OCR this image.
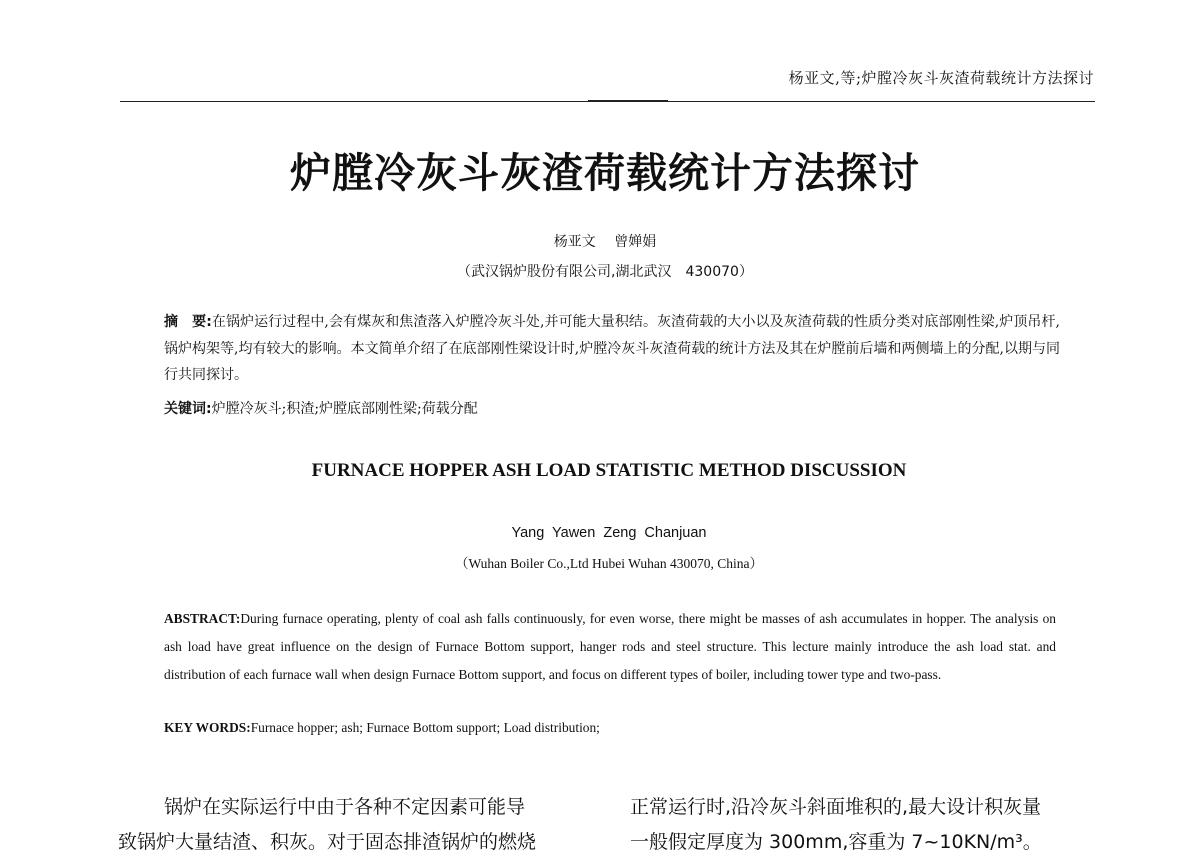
杨亚文,等;炉膛冷灰斗灰渣荷载统计方法探讨
炉膛冷灰斗灰渣荷载统计方法探讨
杨亚文 曾婵娟
（武汉锅炉股份有限公司,湖北武汉　430070）
摘　要:在锅炉运行过程中,会有煤灰和焦渣落入炉膛冷灰斗处,并可能大量积结。灰渣荷载的大小以及灰渣荷载的性质分类对底部刚性梁,炉顶吊杆,锅炉构架等,均有较大的影响。本文简单介绍了在底部刚性梁设计时,炉膛冷灰斗灰渣荷载的统计方法及其在炉膛前后墙和两侧墙上的分配,以期与同行共同探讨。
关键词:炉膛冷灰斗;积渣;炉膛底部刚性梁;荷载分配
FURNACE HOPPER ASH LOAD STATISTIC METHOD DISCUSSION
Yang Yawen Zeng Chanjuan
（Wuhan Boiler Co.,Ltd Hubei Wuhan 430070, China）
ABSTRACT:During furnace operating, plenty of coal ash falls continuously, for even worse, there might be masses of ash accumulates in hopper. The analysis on ash load have great influence on the design of Furnace Bottom support, hanger rods and steel structure. This lecture mainly introduce the ash load stat. and distribution of each furnace wall when design Furnace Bottom support, and focus on different types of boiler, including tower type and two-pass.
KEY WORDS:Furnace hopper; ash; Furnace Bottom support; Load distribution;

锅炉在实际运行中由于各种不定因素可能导

致锅炉大量结渣、积灰。对于固态排渣锅炉的燃烧

正常运行时,沿冷灰斗斜面堆积的,最大设计积灰量

一般假定厚度为 300mm,容重为 7~10KN/m³。
